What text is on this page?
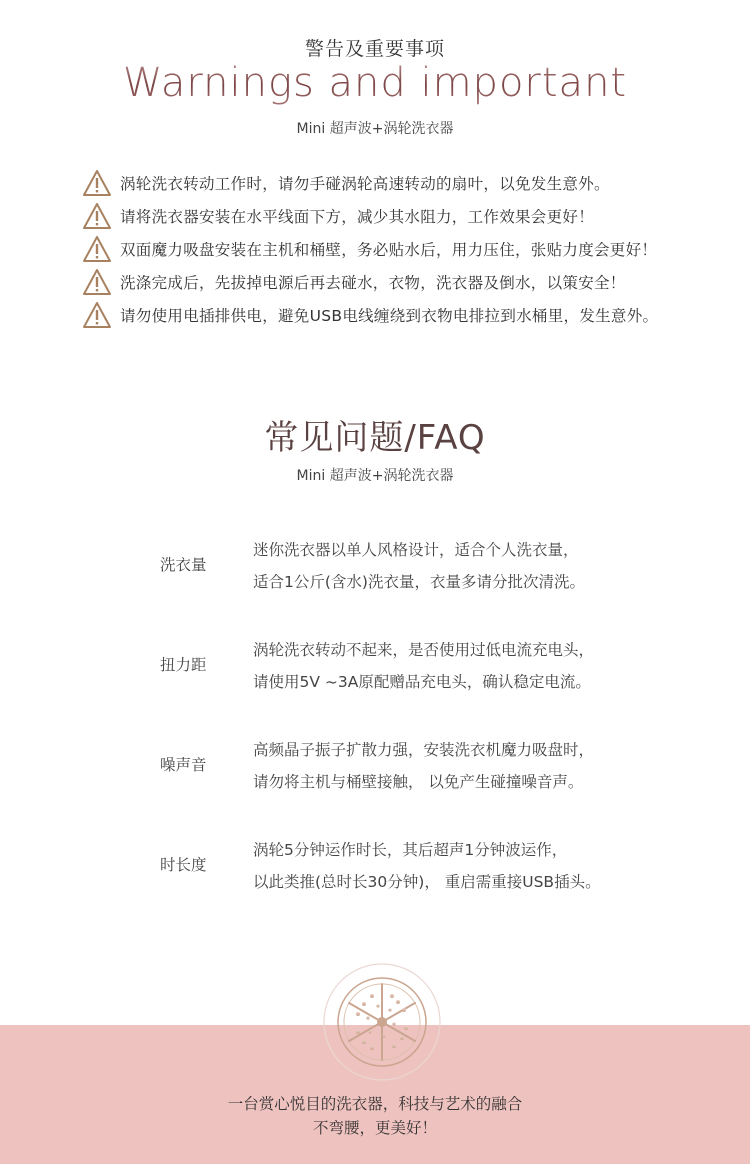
警告及重要事项
Warnings and important
Mini 超声波+涡轮洗衣器
涡轮洗衣转动工作时，请勿手碰涡轮高速转动的扇叶，以免发生意外。
请将洗衣器安装在水平线面下方，减少其水阻力，工作效果会更好！
双面魔力吸盘安装在主机和桶壁，务必贴水后，用力压住，张贴力度会更好！
洗涤完成后，先拔掉电源后再去碰水，衣物，洗衣器及倒水，以策安全！
请勿使用电插排供电，避免USB电线缠绕到衣物电排拉到水桶里，发生意外。
常见问题/FAQ
Mini 超声波+涡轮洗衣器
洗衣量
迷你洗衣器以单人风格设计，适合个人洗衣量，
适合1公斤(含水)洗衣量，衣量多请分批次清洗。
扭力距
涡轮洗衣转动不起来，是否使用过低电流充电头，
请使用5V ~3A原配赠品充电头，确认稳定电流。
噪声音
高频晶子振子扩散力强，安装洗衣机魔力吸盘时，
请勿将主机与桶壁接触， 以免产生碰撞噪音声。
时长度
涡轮5分钟运作时长，其后超声1分钟波运作，
以此类推(总时长30分钟)， 重启需重接USB插头。
一台赏心悦目的洗衣器，科技与艺术的融合
不弯腰，更美好！
